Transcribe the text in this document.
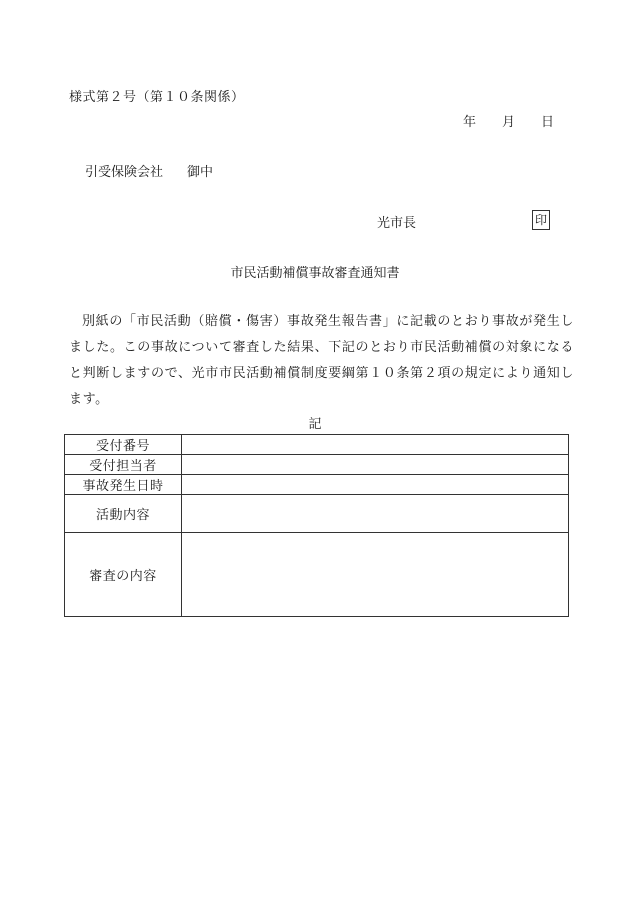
様式第２号（第１０条関係）
年 月 日
引受保険会社 御中
光市長	印
市民活動補償事故審査通知書
別紙の「市民活動（賠償・傷害）事故発生報告書」に記載のとおり事故が発生しました。この事故について審査した結果、下記のとおり市民活動補償の対象になると判断しますので、光市市民活動補償制度要綱第１０条第２項の規定により通知します。
記
受付番号	
受付担当者	
事故発生日時	
活動内容	
審査の内容	
